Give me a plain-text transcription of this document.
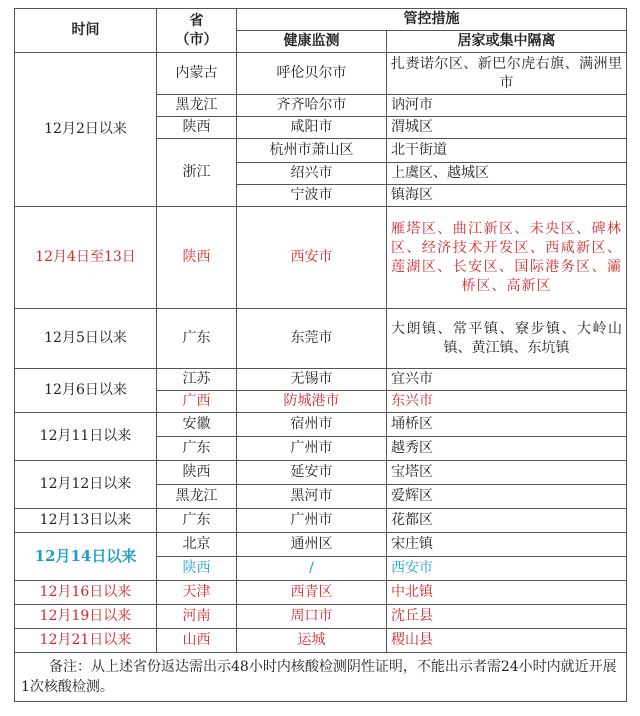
时间	省
（市）	管控措施	
		健康监测	居家或集中隔离
12月2日以来	内蒙古	呼伦贝尔市	扎赉诺尔区、新巴尔虎右旗、满洲里市
	黑龙江	齐齐哈尔市	讷河市
	陕西	咸阳市	渭城区
	浙江	杭州市萧山区	北干街道
		绍兴市	上虞区、越城区
		宁波市	镇海区
12月4日至13日	陕西	西安市	雁塔区、曲江新区、未央区、碑林区、经济技术开发区、西咸新区、莲湖区、长安区、国际港务区、灞桥区、高新区
12月5日以来	广东	东莞市	大朗镇、常平镇、寮步镇、大岭山镇、黄江镇、东坑镇
12月6日以来	江苏	无锡市	宜兴市
	广西	防城港市	东兴市
12月11日以来	安徽	宿州市	埇桥区
	广东	广州市	越秀区
12月12日以来	陕西	延安市	宝塔区
	黑龙江	黑河市	爱辉区
12月13日以来	广东	广州市	花都区
12月14日以来	北京	通州区	宋庄镇
	陕西	/	西安市
12月16日以来	天津	西青区	中北镇
12月19日以来	河南	周口市	沈丘县
12月21日以来	山西	运城	稷山县
备注：从上述省份返达需出示48小时内核酸检测阴性证明，不能出示者需24小时内就近开展1次核酸检测。			
